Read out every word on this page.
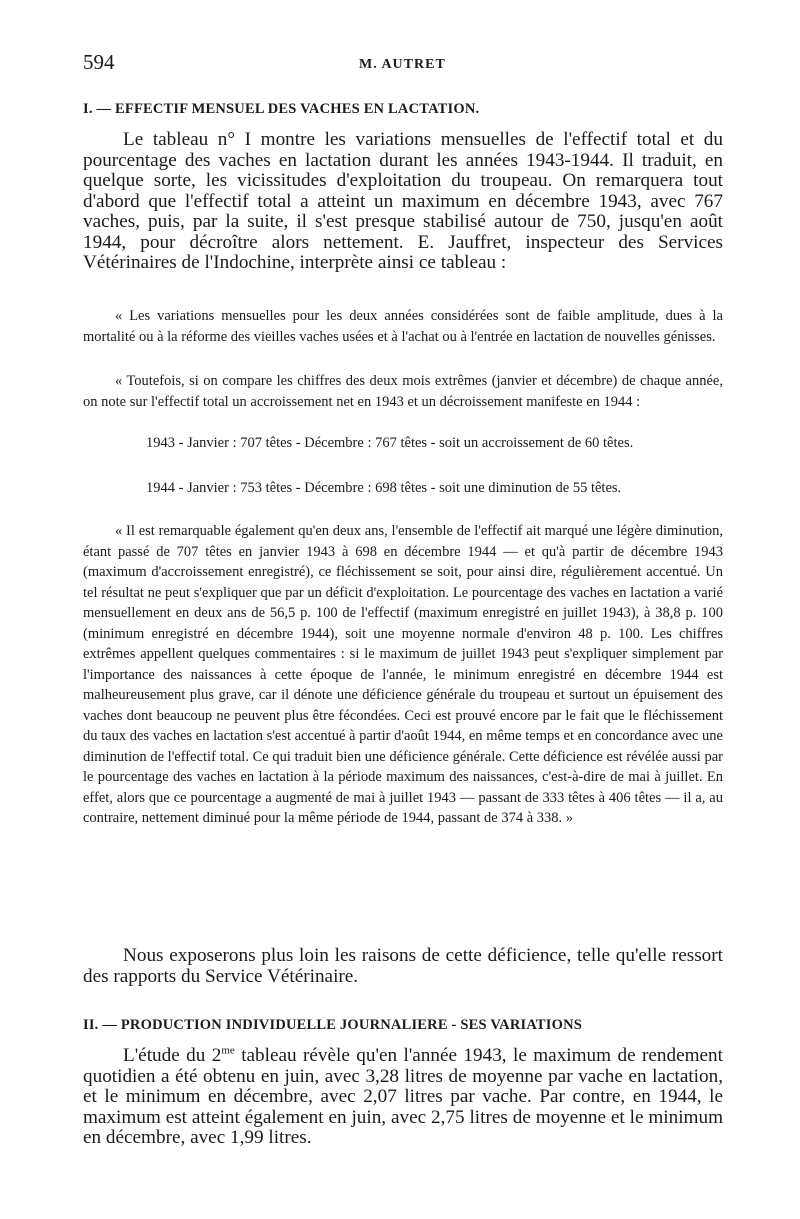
594	M. AUTRET
I. — EFFECTIF MENSUEL DES VACHES EN LACTATION.

Le tableau n° I montre les variations mensuelles de l'effectif total et du pourcentage des vaches en lactation durant les années 1943-1944. Il traduit, en quelque sorte, les vicissitudes d'exploitation du troupeau. On remarquera tout d'abord que l'effectif total a atteint un maximum en décembre 1943, avec 767 vaches, puis, par la suite, il s'est presque stabilisé autour de 750, jusqu'en août 1944, pour décroître alors nettement. E. Jauffret, inspecteur des Services Vétérinaires de l'Indochine, interprète ainsi ce tableau :

« Les variations mensuelles pour les deux années considérées sont de faible amplitude, dues à la mortalité ou à la réforme des vieilles vaches usées et à l'achat ou à l'entrée en lactation de nouvelles génisses.

« Toutefois, si on compare les chiffres des deux mois extrêmes (janvier et décembre) de chaque année, on note sur l'effectif total un accroissement net en 1943 et un décroissement manifeste en 1944 :

1943 - Janvier : 707 têtes - Décembre : 767 têtes - soit un accroissement de 60 têtes.

1944 - Janvier : 753 têtes - Décembre : 698 têtes - soit une diminution de 55 têtes.

« Il est remarquable également qu'en deux ans, l'ensemble de l'effectif ait marqué une légère diminution, étant passé de 707 têtes en janvier 1943 à 698 en décembre 1944 — et qu'à partir de décembre 1943 (maximum d'accroissement enregistré), ce fléchissement se soit, pour ainsi dire, régulièrement accentué. Un tel résultat ne peut s'expliquer que par un déficit d'exploitation. Le pourcentage des vaches en lactation a varié mensuellement en deux ans de 56,5 p. 100 de l'effectif (maximum enregistré en juillet 1943), à 38,8 p. 100 (minimum enregistré en décembre 1944), soit une moyenne normale d'environ 48 p. 100. Les chiffres extrêmes appellent quelques commentaires : si le maximum de juillet 1943 peut s'expliquer simplement par l'importance des naissances à cette époque de l'année, le minimum enregistré en décembre 1944 est malheureusement plus grave, car il dénote une déficience générale du troupeau et surtout un épuisement des vaches dont beaucoup ne peuvent plus être fécondées. Ceci est prouvé encore par le fait que le fléchissement du taux des vaches en lactation s'est accentué à partir d'août 1944, en même temps et en concordance avec une diminution de l'effectif total. Ce qui traduit bien une déficience générale. Cette déficience est révélée aussi par le pourcentage des vaches en lactation à la période maximum des naissances, c'est-à-dire de mai à juillet. En effet, alors que ce pourcentage a augmenté de mai à juillet 1943 — passant de 333 têtes à 406 têtes — il a, au contraire, nettement diminué pour la même période de 1944, passant de 374 à 338. »

Nous exposerons plus loin les raisons de cette déficience, telle qu'elle ressort des rapports du Service Vétérinaire.

II. — PRODUCTION INDIVIDUELLE JOURNALIERE - SES VARIATIONS

L'étude du $2^{me}$ tableau révèle qu'en l'année 1943, le maximum de rendement quotidien a été obtenu en juin, avec 3,28 litres de moyenne par vache en lactation, et le minimum en décembre, avec 2,07 litres par vache. Par contre, en 1944, le maximum est atteint également en juin, avec 2,75 litres de moyenne et le minimum en décembre, avec 1,99 litres.
